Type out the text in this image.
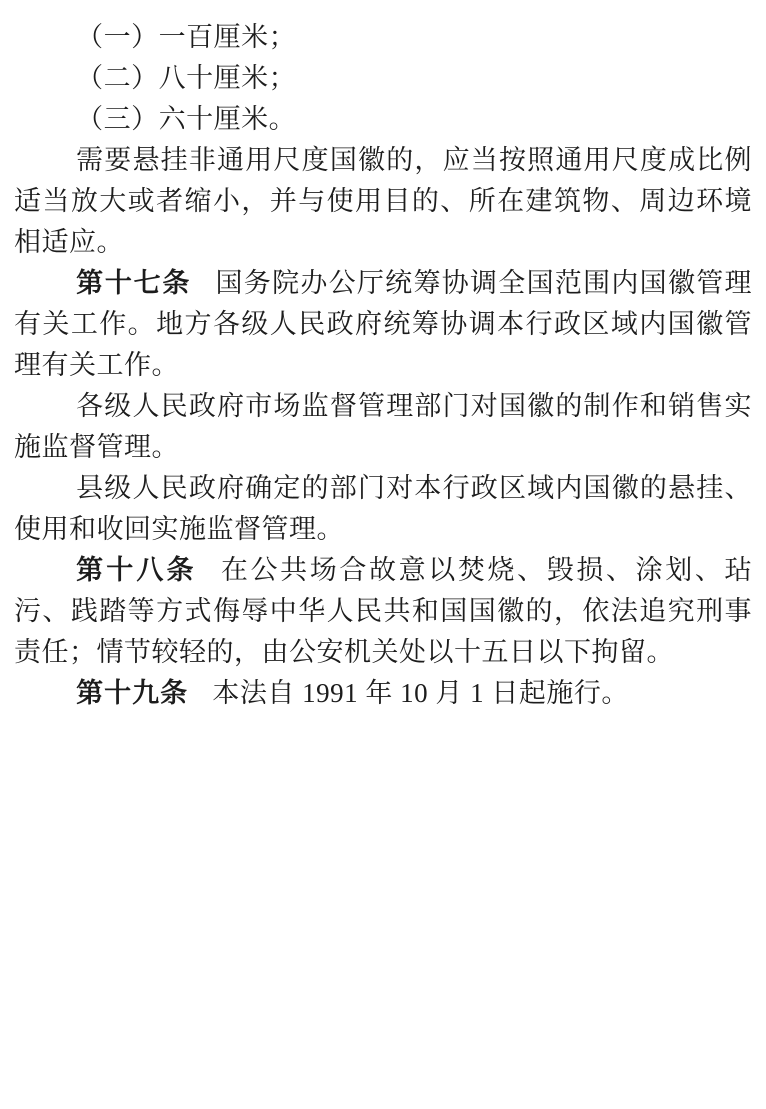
（一）一百厘米；

（二）八十厘米；

（三）六十厘米。

需要悬挂非通用尺度国徽的，应当按照通用尺度成比例适当放大或者缩小，并与使用目的、所在建筑物、周边环境相适应。

第十七条 国务院办公厅统筹协调全国范围内国徽管理有关工作。地方各级人民政府统筹协调本行政区域内国徽管理有关工作。

各级人民政府市场监督管理部门对国徽的制作和销售实施监督管理。

县级人民政府确定的部门对本行政区域内国徽的悬挂、使用和收回实施监督管理。

第十八条 在公共场合故意以焚烧、毁损、涂划、玷污、践踏等方式侮辱中华人民共和国国徽的，依法追究刑事责任；情节较轻的，由公安机关处以十五日以下拘留。

第十九条 本法自 1991 年 10 月 1 日起施行。
